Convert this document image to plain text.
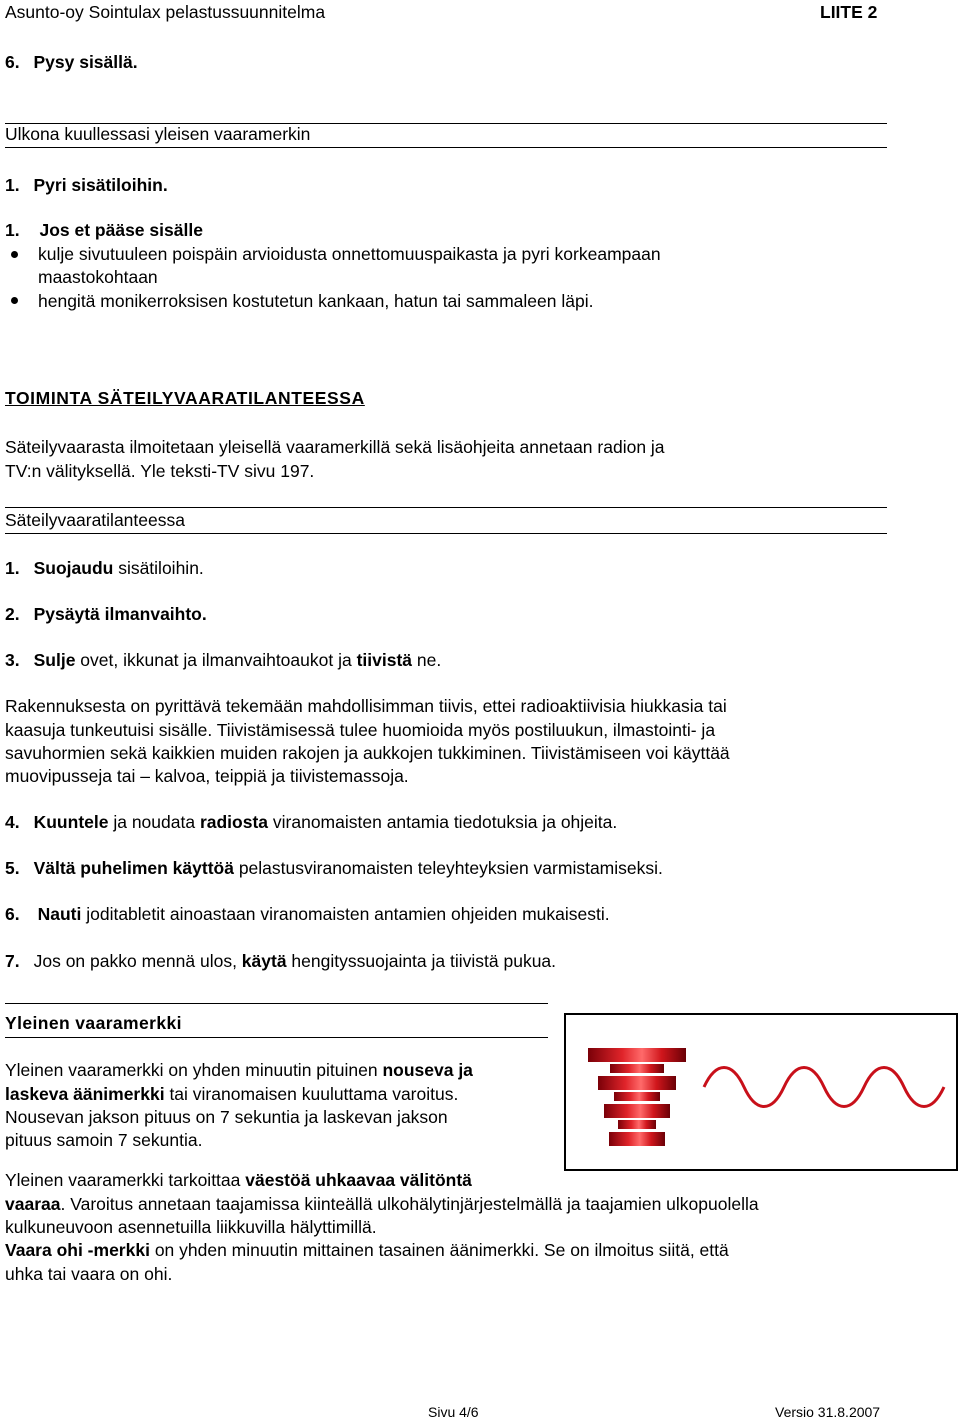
Asunto-oy Sointulax pelastussuunnitelma	LIITE 2
6. Pysy sisällä.
Ulkona kuullessasi yleisen vaaramerkin
1. Pyri sisätiloihin.
1. Jos et pääse sisälle
kulje sivutuuleen poispäin arvioidusta onnettomuuspaikasta ja pyri korkeampaan
maastokohtaan
hengitä monikerroksisen kostutetun kankaan, hatun tai sammaleen läpi.
TOIMINTA SÄTEILYVAARATILANTEESSA
Säteilyvaarasta ilmoitetaan yleisellä vaaramerkillä sekä lisäohjeita annetaan radion ja
TV:n välityksellä. Yle teksti-TV sivu 197.
Säteilyvaaratilanteessa
1. Suojaudu sisätiloihin.
2. Pysäytä ilmanvaihto.
3. Sulje ovet, ikkunat ja ilmanvaihtoaukot ja tiivistä ne.
Rakennuksesta on pyrittävä tekemään mahdollisimman tiivis, ettei radioaktiivisia hiukkasia tai
kaasuja tunkeutuisi sisälle. Tiivistämisessä tulee huomioida myös postiluukun, ilmastointi- ja
savuhormien sekä kaikkien muiden rakojen ja aukkojen tukkiminen. Tiivistämiseen voi käyttää
muovipusseja tai – kalvoa, teippiä ja tiivistemassoja.
4. Kuuntele ja noudata radiosta viranomaisten antamia tiedotuksia ja ohjeita.
5. Vältä puhelimen käyttöä pelastusviranomaisten teleyhteyksien varmistamiseksi.
6. Nauti joditabletit ainoastaan viranomaisten antamien ohjeiden mukaisesti.
7. Jos on pakko mennä ulos, käytä hengityssuojainta ja tiivistä pukua.
Yleinen vaaramerkki
Yleinen vaaramerkki on yhden minuutin pituinen nouseva ja
laskeva äänimerkki tai viranomaisen kuuluttama varoitus.
Nousevan jakson pituus on 7 sekuntia ja laskevan jakson
pituus samoin 7 sekuntia.
Yleinen vaaramerkki tarkoittaa väestöä uhkaavaa välitöntä
vaaraa. Varoitus annetaan taajamissa kiinteällä ulkohälytinjärjestelmällä ja taajamien ulkopuolella
kulkuneuvoon asennetuilla liikkuvilla hälyttimillä.
Vaara ohi -merkki on yhden minuutin mittainen tasainen äänimerkki. Se on ilmoitus siitä, että
uhka tai vaara on ohi.
Sivu 4/6	Versio 31.8.2007
